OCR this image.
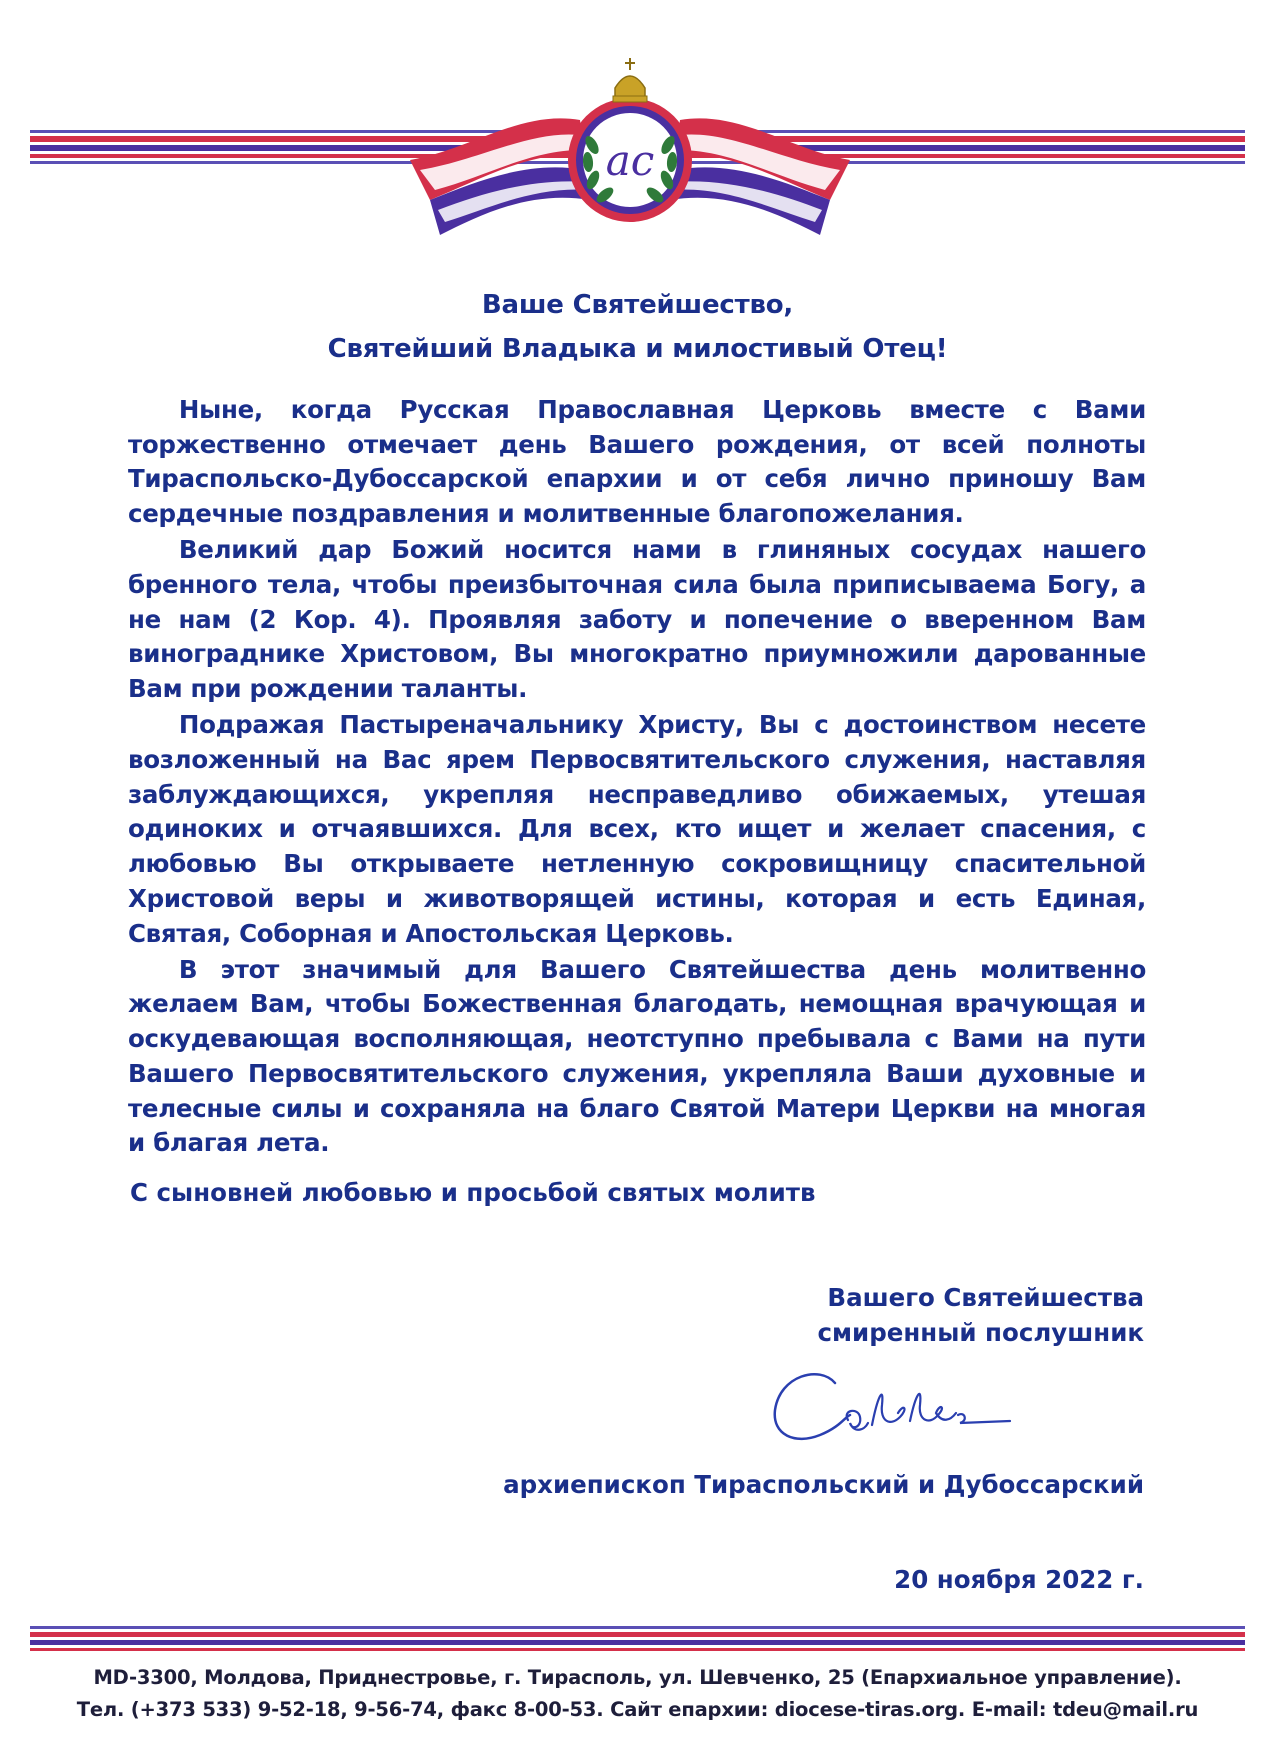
ас
Ваше Святейшество,
Святейший Владыка и милостивый Отец!

Ныне, когда Русская Православная Церковь вместе с Вами торжественно отмечает день Вашего рождения, от всей полноты Тираспольско-Дубоссарской епархии и от себя лично приношу Вам сердечные поздравления и молитвенные благопожелания.

Великий дар Божий носится нами в глиняных сосудах нашего бренного тела, чтобы преизбыточная сила была приписываема Богу, а не нам (2 Кор. 4). Проявляя заботу и попечение о вверенном Вам винограднике Христовом, Вы многократно приумножили дарованные Вам при рождении таланты.

Подражая Пастыреначальнику Христу, Вы с достоинством несете возложенный на Вас ярем Первосвятительского служения, наставляя заблуждающихся, укрепляя несправедливо обижаемых, утешая одиноких и отчаявшихся. Для всех, кто ищет и желает спасения, с любовью Вы открываете нетленную сокровищницу спасительной Христовой веры и животворящей истины, которая и есть Единая, Святая, Соборная и Апостольская Церковь.

В этот значимый для Вашего Святейшества день молитвенно желаем Вам, чтобы Божественная благодать, немощная врачующая и оскудевающая восполняющая, неотступно пребывала с Вами на пути Вашего Первосвятительского служения, укрепляла Ваши духовные и телесные силы и сохраняла на благо Святой Матери Церкви на многая и благая лета.

С сыновней любовью и просьбой святых молитв
Вашего Святейшества
смиренный послушник
архиепископ Тираспольский и Дубоссарский
20 ноября 2022 г.
MD-3300, Молдова, Приднестровье, г. Тирасполь, ул. Шевченко, 25 (Епархиальное управление).
Тел. (+373 533) 9-52-18, 9-56-74, факс 8-00-53. Сайт епархии: diocese-tiras.org. E-mail: tdeu@mail.ru
